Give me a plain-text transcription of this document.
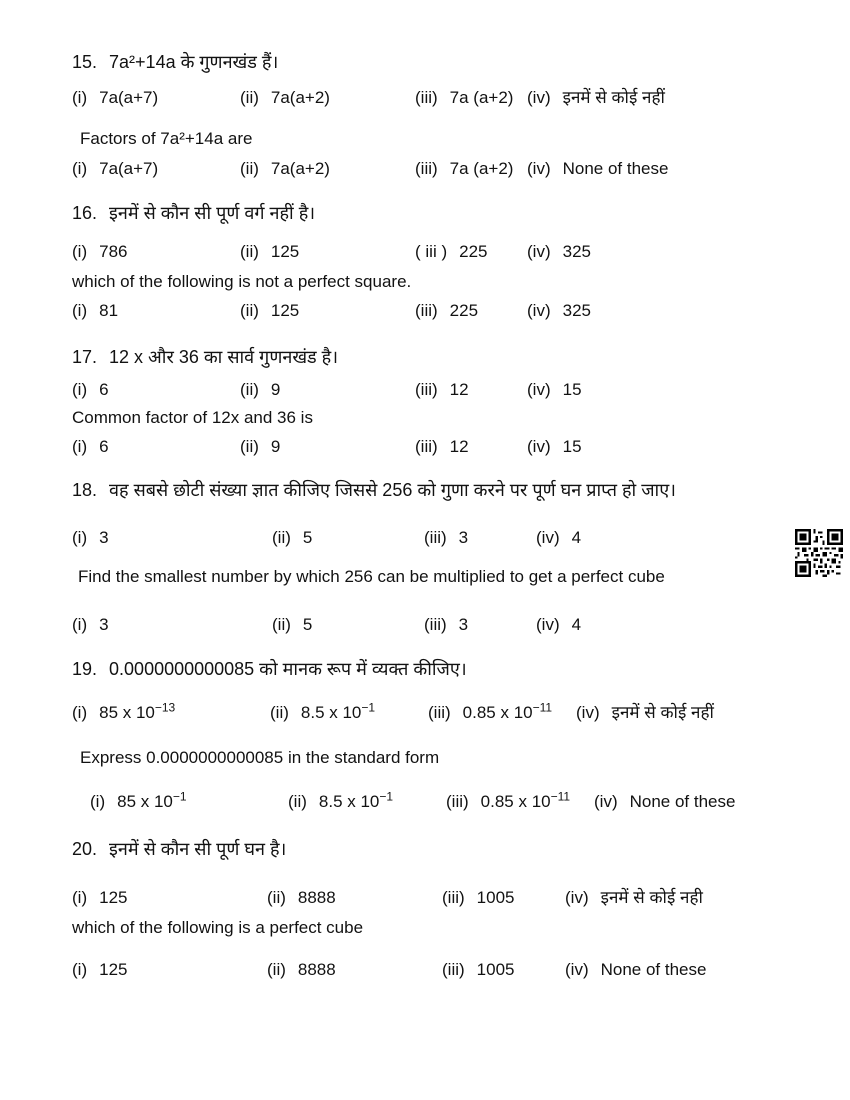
15. 7a²+14a के गुणनखंड हैं।
(i) 7a(a+7)	(ii) 7a(a+2)	(iii) 7a (a+2) (iv) इनमें से कोई नहीं
Factors of 7a²+14a are
(i) 7a(a+7)	(ii) 7a(a+2)	(iii) 7a (a+2) (iv) None of these
16. इनमें से कौन सी पूर्ण वर्ग नहीं है।
(i) 786	(ii) 125	( iii ) 225	(iv) 325
which of the following is not a perfect square.
(i) 81	(ii) 125	(iii) 225	(iv) 325
17. 12 x और 36 का सार्व गुणनखंड है।
(i) 6	(ii) 9	(iii) 12	(iv) 15
Common factor of 12x and 36 is
(i) 6	(ii) 9	(iii) 12	(iv) 15
18. वह सबसे छोटी संख्या ज्ञात कीजिए जिससे 256 को गुणा करने पर पूर्ण घन प्राप्त हो जाए।
(i) 3	(ii) 5	(iii) 3	(iv) 4
Find the smallest number by which 256 can be multiplied to get a perfect cube
(i) 3	(ii) 5	(iii) 3	(iv) 4
19. 0.0000000000085 को मानक रूप में व्यक्त कीजिए।
(i) 85 x $10^{-13}$	(ii) 8.5 x $10^{-1}$	(iii) 0.85 x $10^{-11}$	(iv) इनमें से कोई नहीं
Express 0.0000000000085 in the standard form
(i) 85 x $10^{-1}$	(ii) 8.5 x $10^{-1}$	(iii) 0.85 x $10^{-11}$	(iv) None of these
20. इनमें से कौन सी पूर्ण घन है।
(i) 125	(ii) 8888	(iii) 1005	(iv) इनमें से कोई नही
which of the following is a perfect cube
(i) 125	(ii) 8888	(iii) 1005	(iv) None of these
